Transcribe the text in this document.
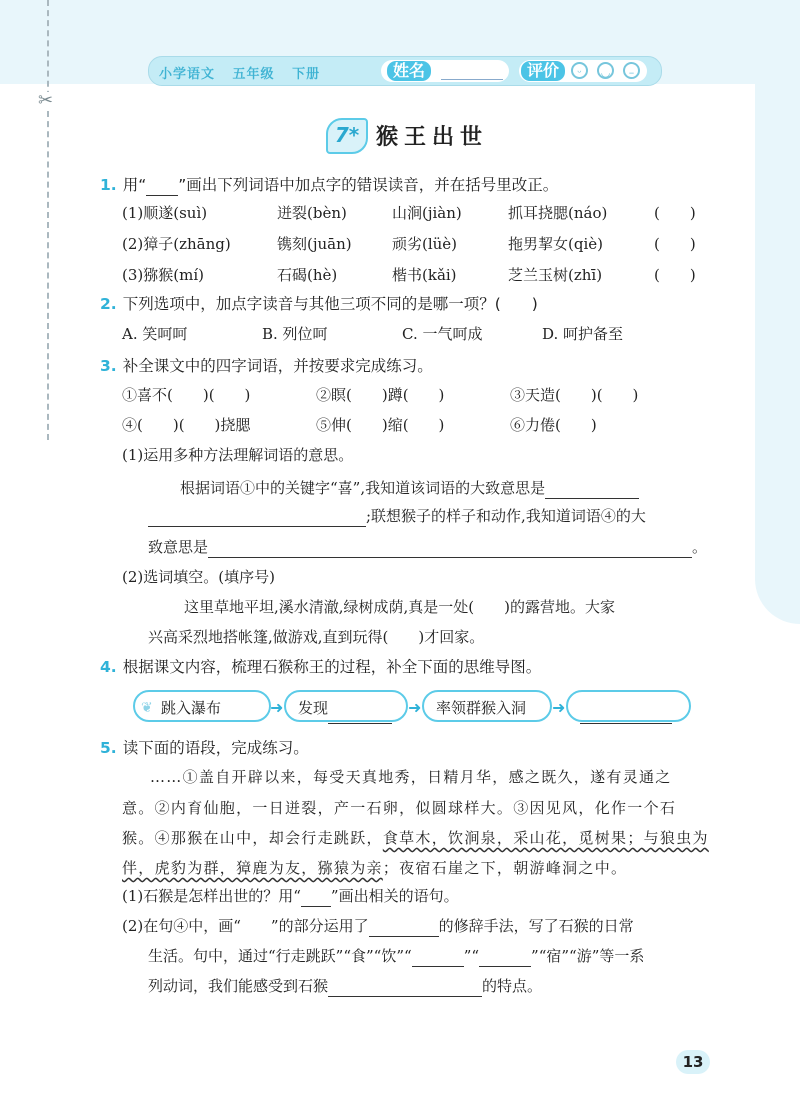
✂
小学语文 五年级 下册	姓名	评价	ᵕ	◡	–
7* 猴王出世
1. 用“ ”画出下列词语中加点字的错误读音，并在括号里改正。
(1)顺遂(suì)	迸裂(bèn)	山涧(jiàn)	抓耳挠腮(náo)	(　　)
(2)獐子(zhāng)	镌刻(juān)	顽劣(lüè)	拖男挈女(qiè)	(　　)
(3)猕猴(mí)	石碣(hè)	楷书(kǎi)	芝兰玉树(zhī)	(　　)
2. 下列选项中，加点字读音与其他三项不同的是哪一项？(　　)
A. 笑呵呵	B. 列位呵	C. 一气呵成	D. 呵护备至
3. 补全课文中的四字词语，并按要求完成练习。
①喜不(　　)(　　)	②瞑(　　)蹲(　　)	③天造(　　)(　　)
④(　　)(　　)挠腮	⑤伸(　　)缩(　　)	⑥力倦(　　)
(1)运用多种方法理解词语的意思。
根据词语①中的关键字“喜”,我知道该词语的大致意思是
;联想猴子的样子和动作,我知道词语④的大
致意思是	。
(2)选词填空。(填序号)
这里草地平坦,溪水清澈,绿树成荫,真是一处(　　)的露营地。大家
兴高采烈地搭帐篷,做游戏,直到玩得(　　)才回家。
4. 根据课文内容，梳理石猴称王的过程，补全下面的思维导图。
❦ 跳入瀑布	➜ 发现	➜ 率领群猴入洞	➜
5. 读下面的语段，完成练习。
……①盖自开辟以来，每受天真地秀，日精月华，感之既久，遂有灵通之
意。②内育仙胞，一日迸裂，产一石卵，似圆球样大。③因见风，化作一个石
猴。④那猴在山中，却会行走跳跃，食草木，饮涧泉，采山花，觅树果；与狼虫为
伴，虎豹为群，獐鹿为友，猕猿为亲；夜宿石崖之下，朝游峰洞之中。
(1)石猴是怎样出世的？用“ ”画出相关的语句。
(2)在句④中，画“ ”的部分运用了	的修辞手法，写了石猴的日常
生活。句中，通过“行走跳跃”“食”“饮”“	”“	”“宿”“游”等一系
列动词，我们能感受到石猴	的特点。
13
